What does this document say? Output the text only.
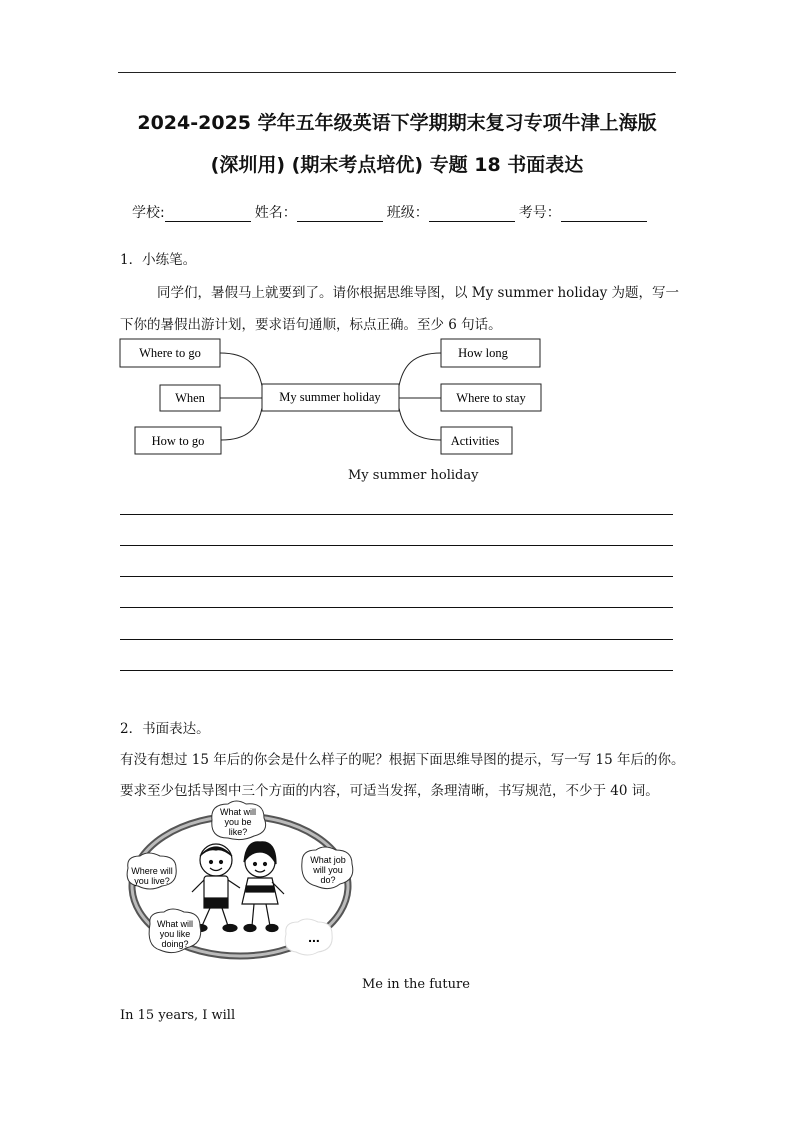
2024-2025 学年五年级英语下学期期末复习专项牛津上海版
(深圳用) (期末考点培优) 专题 18 书面表达
学校:	姓名：	班级：	考号：
1．小练笔。
同学们，暑假马上就要到了。请你根据思维导图，以 My summer holiday 为题，写一
下你的暑假出游计划，要求语句通顺，标点正确。至少 6 句话。
Where to go
When
How to go
My summer holiday
How long
Where to stay
Activities
My summer holiday
2．书面表达。
有没有想过 15 年后的你会是什么样子的呢？根据下面思维导图的提示，写一写 15 年后的你。
要求至少包括导图中三个方面的内容，可适当发挥，条理清晰，书写规范，不少于 40 词。
What will
you be
like?
Where will
you live?
What job
will you
do?
What will
you like
doing?	...
Me in the future
In 15 years, I will
